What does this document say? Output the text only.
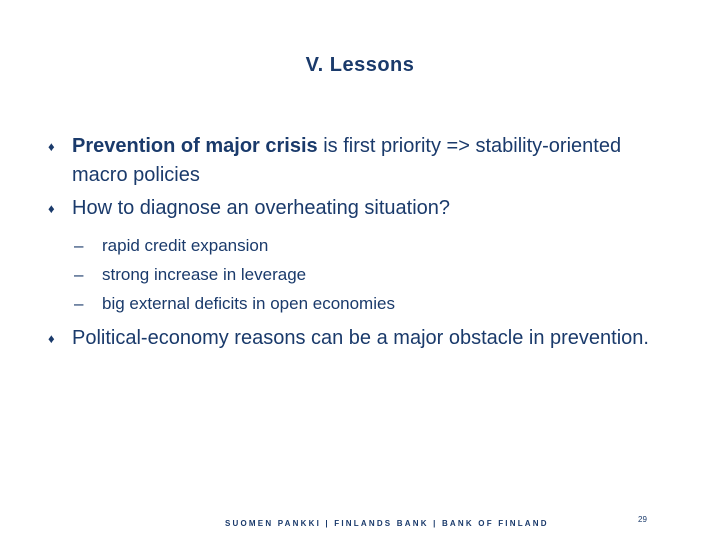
V. Lessons
♦ Prevention of major crisis is first priority => stability-oriented macro policies
♦ How to diagnose an overheating situation?
– rapid credit expansion
– strong increase in leverage
– big external deficits in open economies
♦ Political-economy reasons can be a major obstacle in prevention.
SUOMEN PANKKI | FINLANDS BANK | BANK OF FINLAND	29
